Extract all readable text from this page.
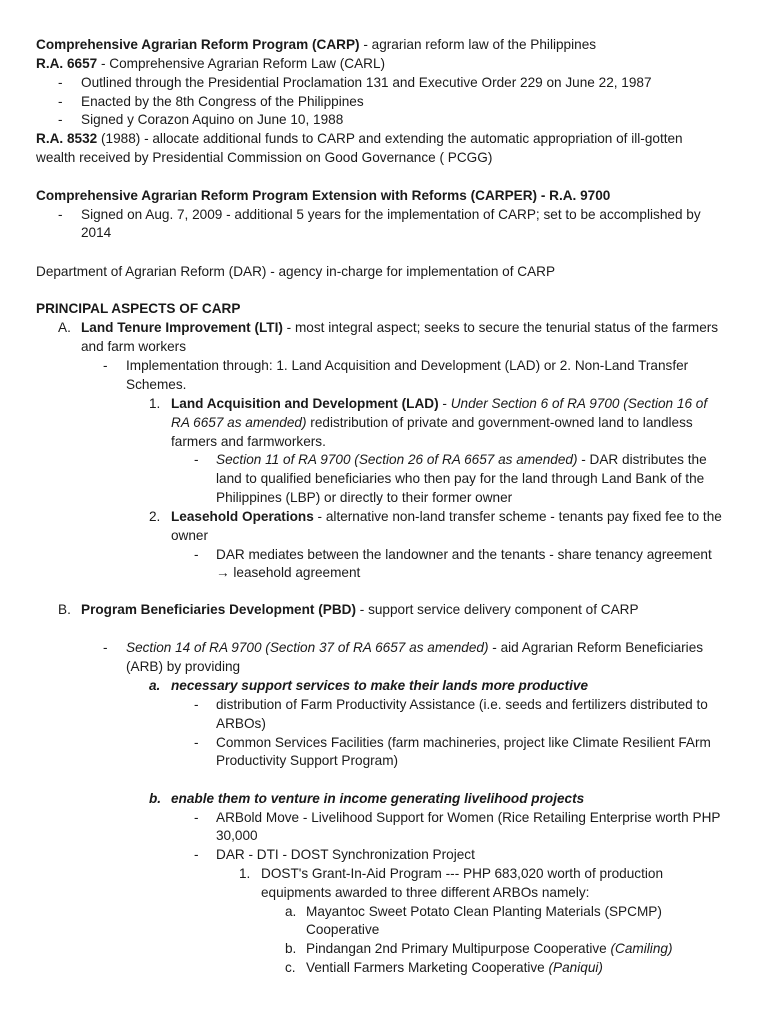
Comprehensive Agrarian Reform Program (CARP) - agrarian reform law of the Philippines
R.A. 6657 - Comprehensive Agrarian Reform Law (CARL)
- Outlined through the Presidential Proclamation 131 and Executive Order 229 on June 22, 1987
- Enacted by the 8th Congress of the Philippines
- Signed y Corazon Aquino on June 10, 1988
R.A. 8532 (1988) - allocate additional funds to CARP and extending the automatic appropriation of ill-gotten
wealth received by Presidential Commission on Good Governance ( PCGG)
Comprehensive Agrarian Reform Program Extension with Reforms (CARPER) - R.A. 9700
- Signed on Aug. 7, 2009 - additional 5 years for the implementation of CARP; set to be accomplished by
2014
Department of Agrarian Reform (DAR) - agency in-charge for implementation of CARP
PRINCIPAL ASPECTS OF CARP
A. Land Tenure Improvement (LTI) - most integral aspect; seeks to secure the tenurial status of the farmers
and farm workers
- Implementation through: 1. Land Acquisition and Development (LAD) or 2. Non-Land Transfer
Schemes.
1. Land Acquisition and Development (LAD) - Under Section 6 of RA 9700 (Section 16 of
RA 6657 as amended) redistribution of private and government-owned land to landless
farmers and farmworkers.
- Section 11 of RA 9700 (Section 26 of RA 6657 as amended) - DAR distributes the
land to qualified beneficiaries who then pay for the land through Land Bank of the
Philippines (LBP) or directly to their former owner
2. Leasehold Operations - alternative non-land transfer scheme - tenants pay fixed fee to the
owner
- DAR mediates between the landowner and the tenants - share tenancy agreement
→ leasehold agreement
B. Program Beneficiaries Development (PBD) - support service delivery component of CARP
- Section 14 of RA 9700 (Section 37 of RA 6657 as amended) - aid Agrarian Reform Beneficiaries
(ARB) by providing
a. necessary support services to make their lands more productive
- distribution of Farm Productivity Assistance (i.e. seeds and fertilizers distributed to
ARBOs)
- Common Services Facilities (farm machineries, project like Climate Resilient FArm
Productivity Support Program)
b. enable them to venture in income generating livelihood projects
- ARBold Move - Livelihood Support for Women (Rice Retailing Enterprise worth PHP
30,000
- DAR - DTI - DOST Synchronization Project
1. DOST's Grant-In-Aid Program --- PHP 683,020 worth of production
equipments awarded to three different ARBOs namely:
a. Mayantoc Sweet Potato Clean Planting Materials (SPCMP)
Cooperative
b. Pindangan 2nd Primary Multipurpose Cooperative (Camiling)
c. Ventiall Farmers Marketing Cooperative (Paniqui)
